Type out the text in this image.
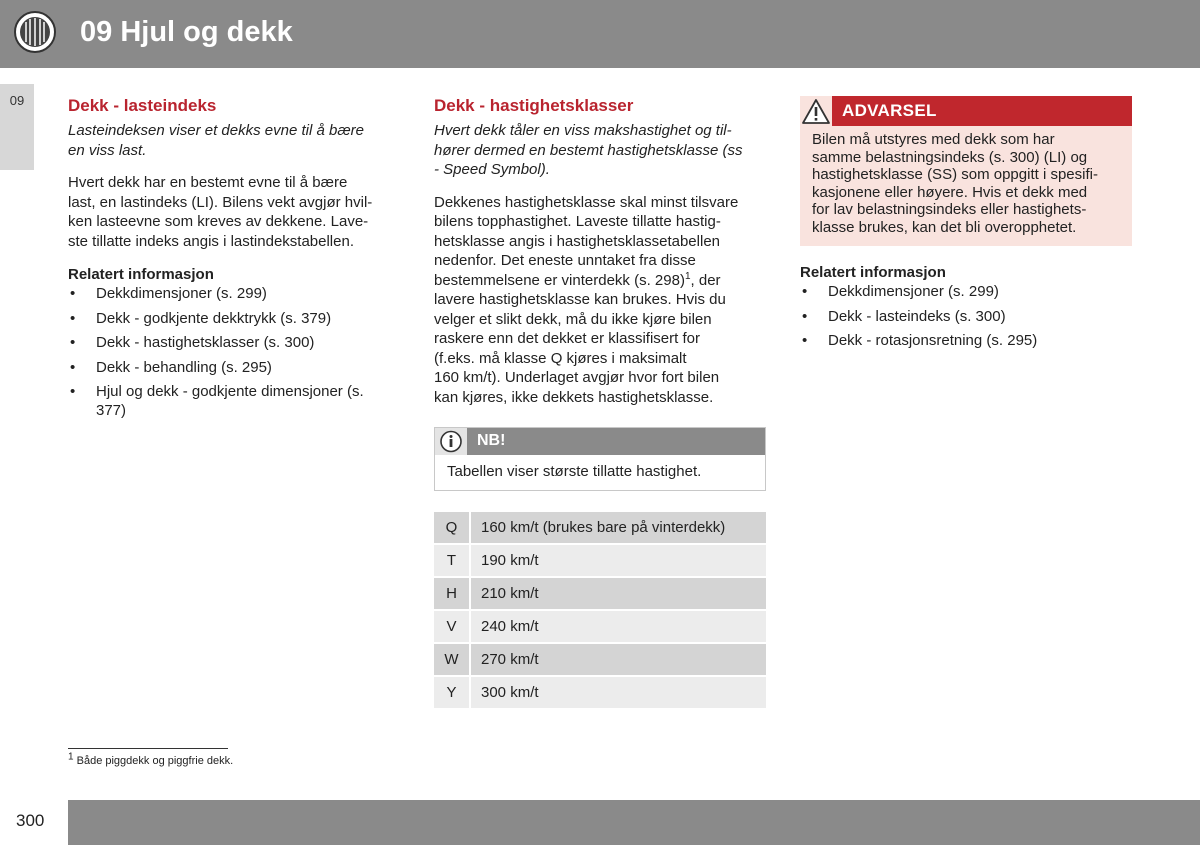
09 Hjul og dekk
09	Dekk - lasteindeks
Lasteindeksen viser et dekks evne til å bære
en viss last.

Hvert dekk har en bestemt evne til å bære
last, en lastindeks (LI). Bilens vekt avgjør hvil-
ken lasteevne som kreves av dekkene. Lave-
ste tillatte indeks angis i lastindekstabellen.

Relatert informasjon
• Dekkdimensjoner (s. 299)
• Dekk - godkjente dekktrykk (s. 379)
• Dekk - hastighetsklasser (s. 300)
• Dekk - behandling (s. 295)
• Hjul og dekk - godkjente dimensjoner (s.
377)
Dekk - hastighetsklasser
Hvert dekk tåler en viss makshastighet og til-
hører dermed en bestemt hastighetsklasse (ss
- Speed Symbol).

Dekkenes hastighetsklasse skal minst tilsvare
bilens topphastighet. Laveste tillatte hastig-
hetsklasse angis i hastighetsklassetabellen
nedenfor. Det eneste unntaket fra disse
bestemmelsene er vinterdekk (s. 298)$^1$, der
lavere hastighetsklasse kan brukes. Hvis du
velger et slikt dekk, må du ikke kjøre bilen
raskere enn det dekket er klassifisert for
(f.eks. må klasse Q kjøres i maksimalt
160 km/t). Underlaget avgjør hvor fort bilen
kan kjøres, ikke dekkets hastighetsklasse.

NB!
Tabellen viser største tillatte hastighet.
Q	160 km/t (brukes bare på vinterdekk)
T	190 km/t
H	210 km/t
V	240 km/t
W	270 km/t
Y	300 km/t
ADVARSEL
Bilen må utstyres med dekk som har
samme belastningsindeks (s. 300) (LI) og
hastighetsklasse (SS) som oppgitt i spesifi-
kasjonene eller høyere. Hvis et dekk med
for lav belastningsindeks eller hastighets-
klasse brukes, kan det bli overopphetet.
Relatert informasjon
• Dekkdimensjoner (s. 299)
• Dekk - lasteindeks (s. 300)
• Dekk - rotasjonsretning (s. 295)
$^1$ Både piggdekk og piggfrie dekk.
300
